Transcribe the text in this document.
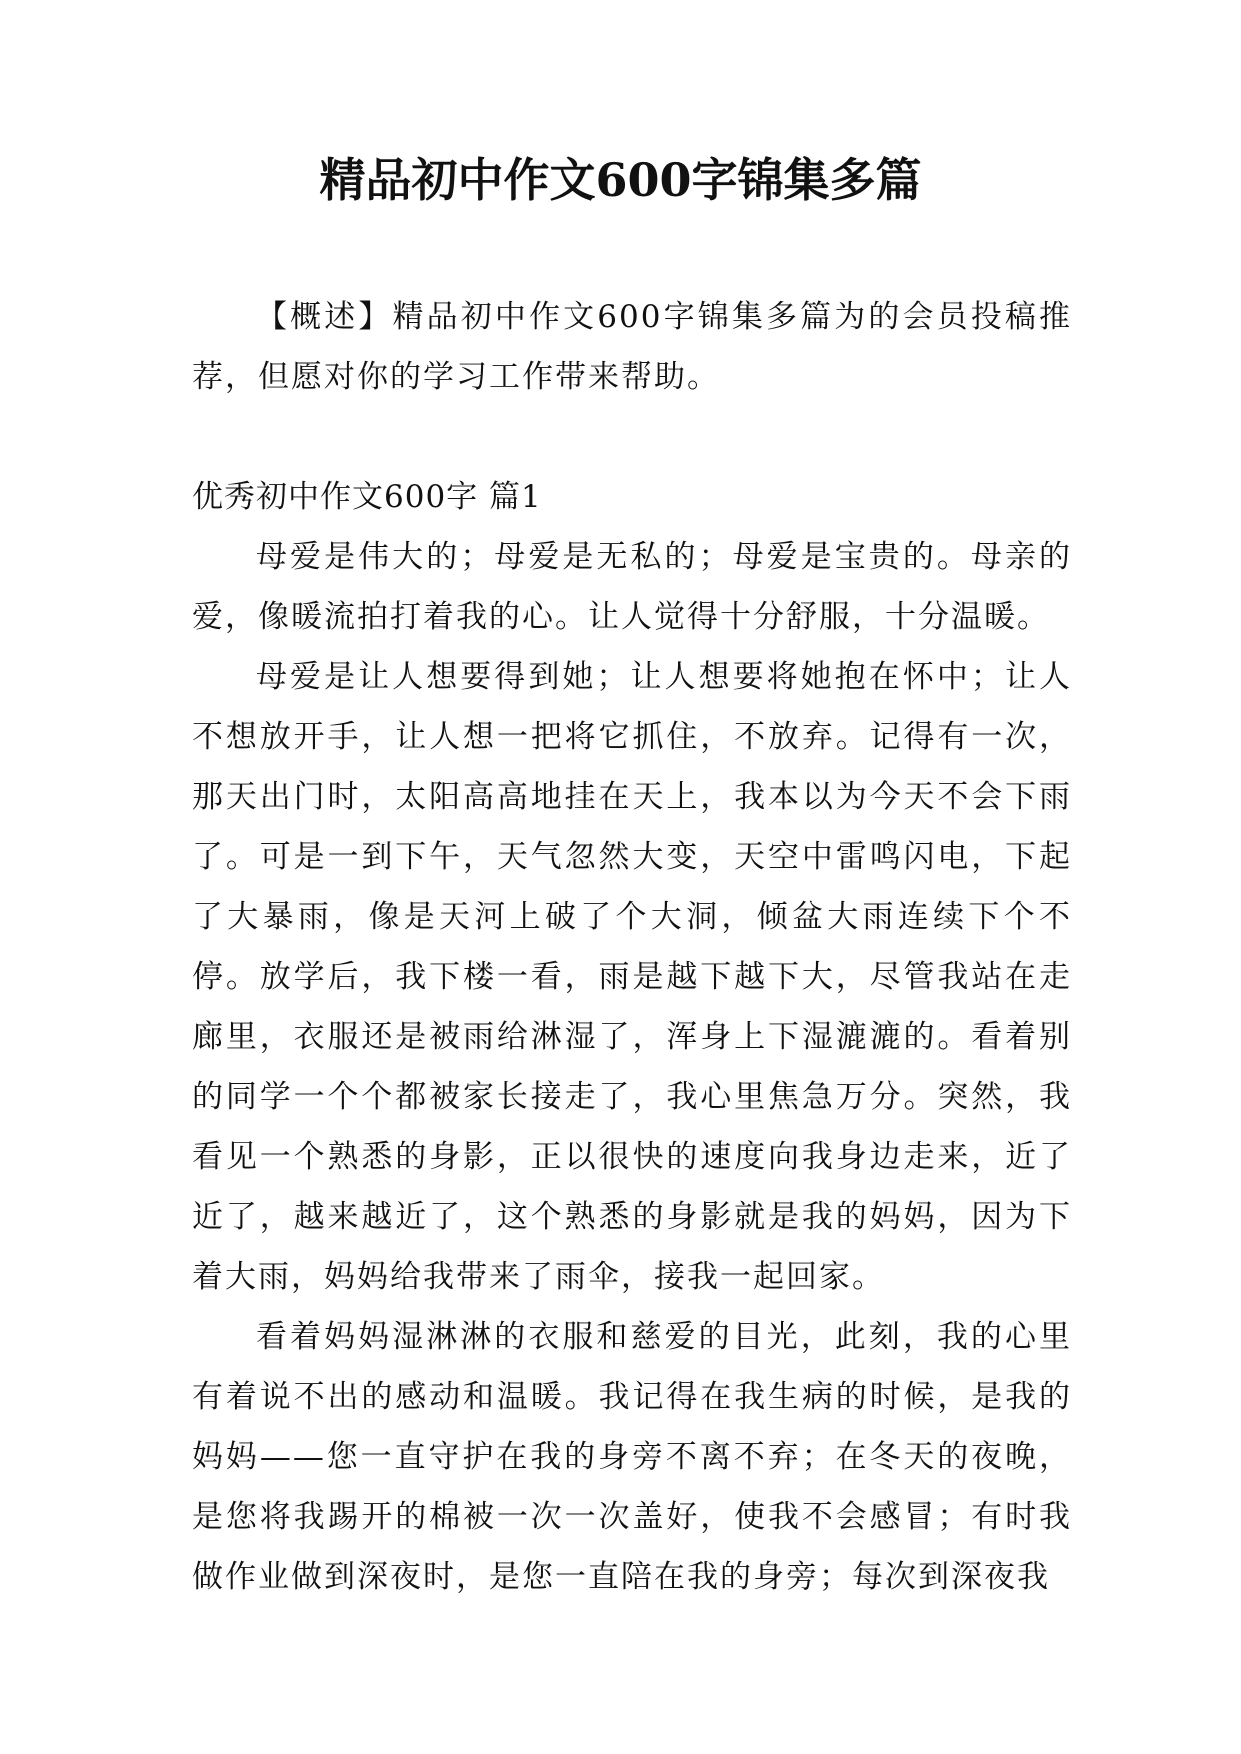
精品初中作文600字锦集多篇

【概述】精品初中作文600字锦集多篇为的会员投稿推荐，但愿对你的学习工作带来帮助。

优秀初中作文600字 篇1

母爱是伟大的；母爱是无私的；母爱是宝贵的。母亲的爱，像暖流拍打着我的心。让人觉得十分舒服，十分温暖。

母爱是让人想要得到她；让人想要将她抱在怀中；让人不想放开手，让人想一把将它抓住，不放弃。记得有一次，那天出门时，太阳高高地挂在天上，我本以为今天不会下雨了。可是一到下午，天气忽然大变，天空中雷鸣闪电，下起了大暴雨，像是天河上破了个大洞，倾盆大雨连续下个不停。放学后，我下楼一看，雨是越下越下大，尽管我站在走廊里，衣服还是被雨给淋湿了，浑身上下湿漉漉的。看着别的同学一个个都被家长接走了，我心里焦急万分。突然，我看见一个熟悉的身影，正以很快的速度向我身边走来，近了近了，越来越近了，这个熟悉的身影就是我的妈妈，因为下着大雨，妈妈给我带来了雨伞，接我一起回家。

看着妈妈湿淋淋的衣服和慈爱的目光，此刻，我的心里有着说不出的感动和温暖。我记得在我生病的时候，是我的妈妈——您一直守护在我的身旁不离不弃；在冬天的夜晚，是您将我踢开的棉被一次一次盖好，使我不会感冒；有时我做作业做到深夜时，是您一直陪在我的身旁；每次到深夜我
